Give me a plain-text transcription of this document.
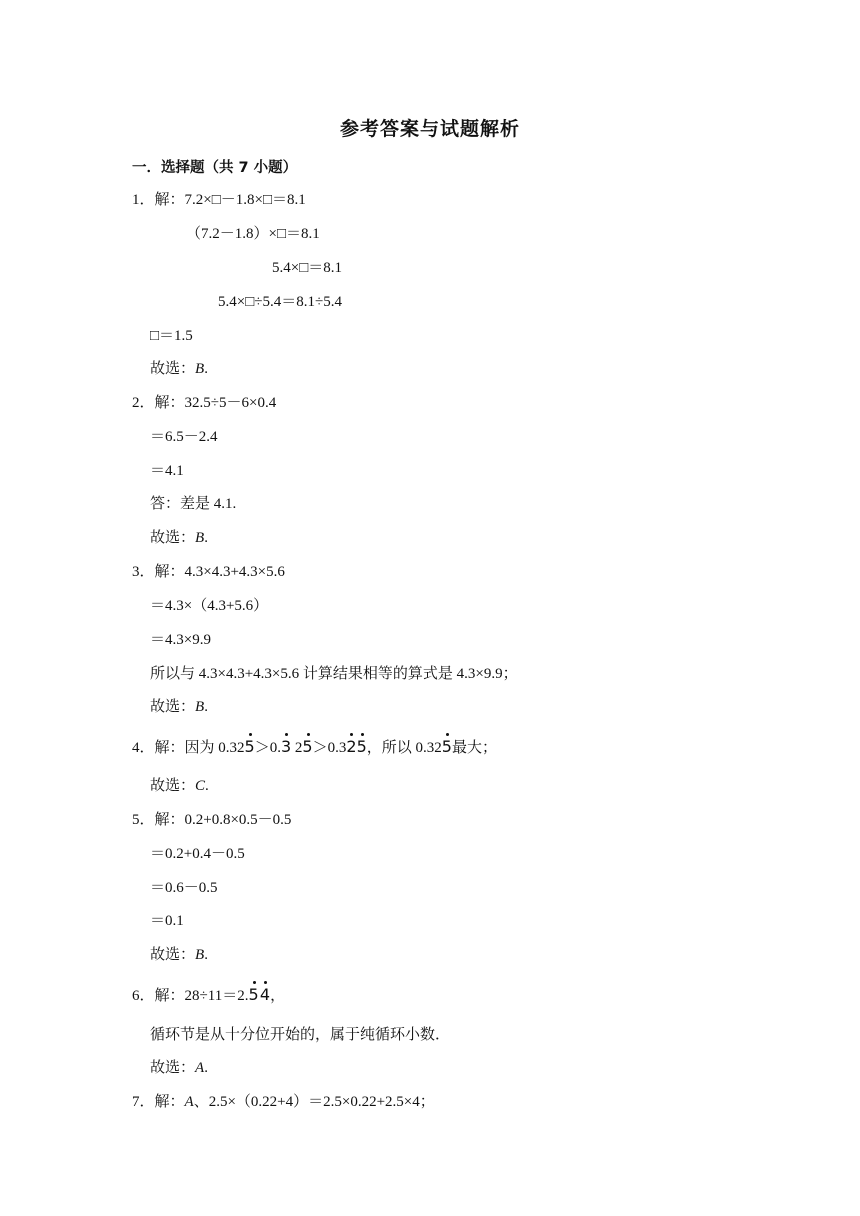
参考答案与试题解析
一．选择题（共 7 小题）
1．解：7.2×□－1.8×□＝8.1
（7.2－1.8）×□＝8.1
5.4×□＝8.1
5.4×□÷5.4＝8.1÷5.4
□＝1.5
故选：B.
2．解：32.5÷5－6×0.4
＝6.5－2.4
＝4.1
答：差是 4.1.
故选：B.
3．解：4.3×4.3+4.3×5.6
＝4.3×（4.3+5.6）
＝4.3×9.9
所以与 4.3×4.3+4.3×5.6 计算结果相等的算式是 4.3×9.9；
故选：B.
4．解：因为 0.325＞0.3 25＞0.325，所以 0.325最大；
故选：C.
5．解：0.2+0.8×0.5－0.5
＝0.2+0.4－0.5
＝0.6－0.5
＝0.1
故选：B.
6．解：28÷11＝2.5 4，
循环节是从十分位开始的，属于纯循环小数．
故选：A.
7．解：A、2.5×（0.22+4）＝2.5×0.22+2.5×4；
